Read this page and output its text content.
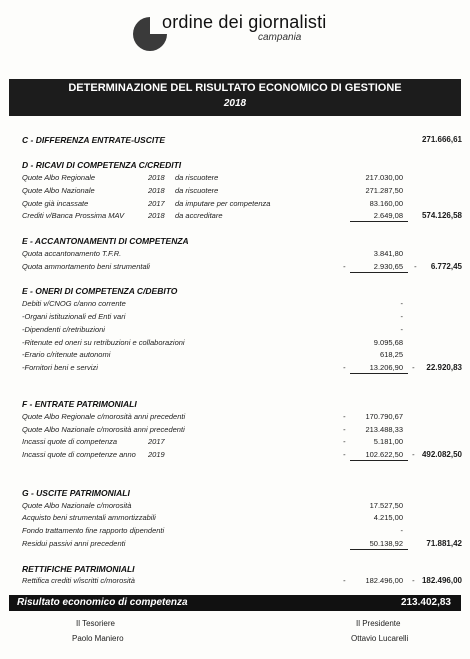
ordine dei giornalisti
campania
DETERMINAZIONE DEL RISULTATO ECONOMICO DI GESTIONE
2018
C - DIFFERENZA ENTRATE-USCITE	271.666,61
D - RICAVI DI COMPETENZA C/CREDITI
Quote Albo Regionale	2018 da riscuotere	217.030,00
Quote Albo Nazionale	2018 da riscuotere	271.287,50
Quote già incassate	2017 da imputare per competenza	83.160,00
Crediti v/Banca Prossima MAV	2018 da accreditare	2.649,08	574.126,58
E - ACCANTONAMENTI DI COMPETENZA
Quota accantonamento T.F.R.	3.841,80
Quota ammortamento beni strumentali	-	2.930,65 -	6.772,45
E - ONERI DI COMPETENZA C/DEBITO
Debiti v/CNOG c/anno corrente	-
-Organi istituzionali ed Enti vari	-
-Dipendenti c/retribuzioni	-
-Ritenute ed oneri su retribuzioni e collaborazioni	9.095,68
-Erario c/ritenute autonomi	618,25
-Fornitori beni e servizi	-	13.206,90 -	22.920,83
F - ENTRATE PATRIMONIALI
Quote Albo Regionale c/morosità anni precedenti	-	170.790,67
Quote Albo Nazionale c/morosità anni precedenti	-	213.488,33
Incassi quote di competenza	2017	-	5.181,00
Incassi quote di competenze anno 2019	-	102.622,50 - 492.082,50
G - USCITE PATRIMONIALI
Quote Albo Nazionale c/morosità	17.527,50
Acquisto beni strumentali ammortizzabili	4.215,00
Fondo trattamento fine rapporto dipendenti	-
Residui passivi anni precedenti	50.138,92	71.881,42
RETTIFICHE PATRIMONIALI
Rettifica crediti v/iscritti c/morosità	-	182.496,00 - 182.496,00
Risultato economico di competenza	213.402,83
Il Tesoriere
Paolo Maniero
Il Presidente
Ottavio Lucarelli
